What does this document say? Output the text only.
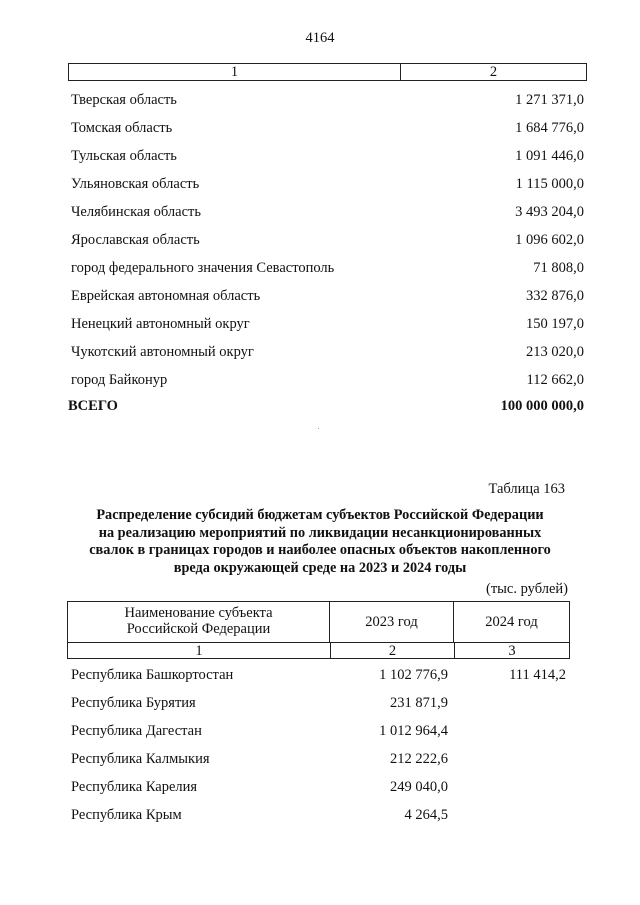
4164
1	2
Тверская область	1 271 371,0
Томская область	1 684 776,0
Тульская область	1 091 446,0
Ульяновская область	1 115 000,0
Челябинская область	3 493 204,0
Ярославская область	1 096 602,0
город федерального значения Севастополь	71 808,0
Еврейская автономная область	332 876,0
Ненецкий автономный округ	150 197,0
Чукотский автономный округ	213 020,0
город Байконур	112 662,0
ВСЕГО	100 000 000,0
Таблица 163
Распределение субсидий бюджетам субъектов Российской Федерации
на реализацию мероприятий по ликвидации несанкционированных
свалок в границах городов и наиболее опасных объектов накопленного
вреда окружающей среде на 2023 и 2024 годы
(тыс. рублей)
Наименование субъекта
Российской Федерации	2023 год	2024 год
1	2	3
Республика Башкортостан	1 102 776,9	111 414,2
Республика Бурятия	231 871,9
Республика Дагестан	1 012 964,4
Республика Калмыкия	212 222,6
Республика Карелия	249 040,0
Республика Крым	4 264,5
